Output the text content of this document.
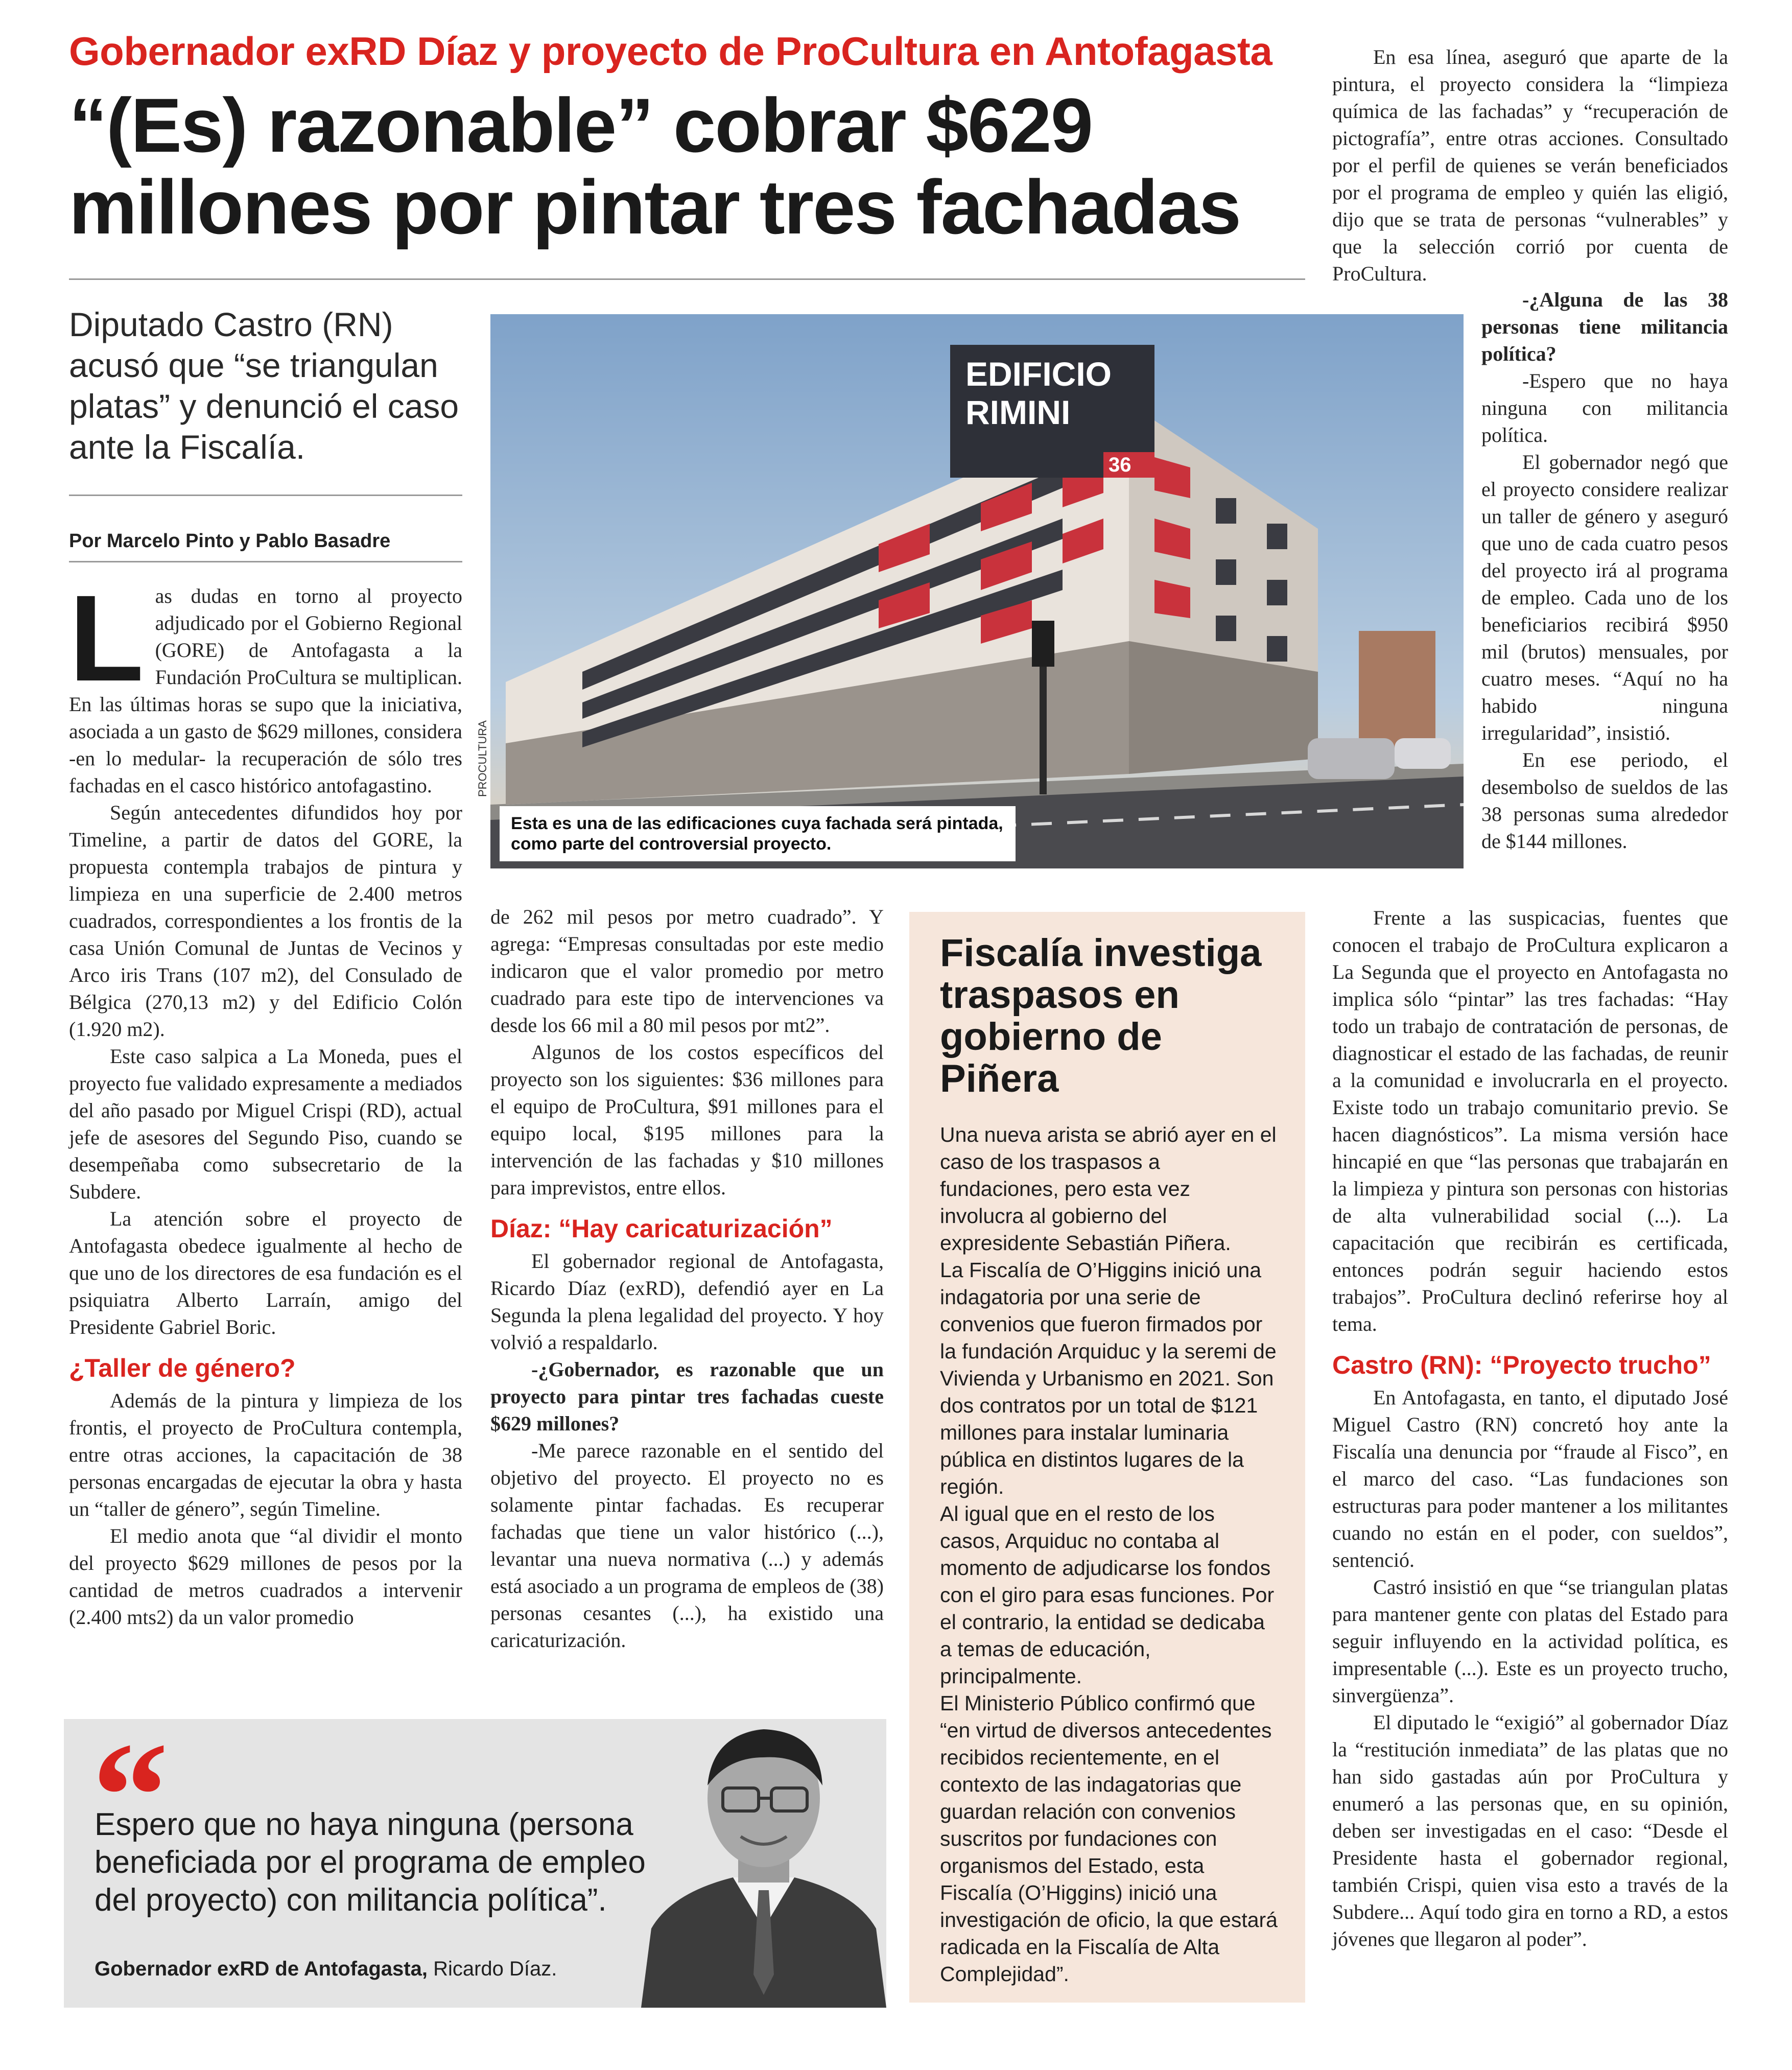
Gobernador exRD Díaz y proyecto de ProCultura en Antofagasta
“(Es) razonable” cobrar $629 millones por pintar tres fachadas
Diputado Castro (RN) acusó que “se triangulan platas” y denunció el caso ante la Fiscalía.
Por Marcelo Pinto y Pablo Basadre

Las dudas en torno al proyecto adjudicado por el Gobierno Regional (GORE) de Antofagasta a la Fundación ProCultura se multiplican. En las últimas horas se supo que la iniciativa, asociada a un gasto de $629 millones, considera -en lo medular- la recuperación de sólo tres fachadas en el casco histórico antofagastino.

Según antecedentes difundidos hoy por Timeline, a partir de datos del GORE, la propuesta contempla trabajos de pintura y limpieza en una superficie de 2.400 metros cuadrados, correspondientes a los frontis de la casa Unión Comunal de Juntas de Vecinos y Arco iris Trans (107 m2), del Consulado de Bélgica (270,13 m2) y del Edificio Colón (1.920 m2).

Este caso salpica a La Moneda, pues el proyecto fue validado expresamente a mediados del año pasado por Miguel Crispi (RD), actual jefe de asesores del Segundo Piso, cuando se desempeñaba como subsecretario de la Subdere.

La atención sobre el proyecto de Antofagasta obedece igualmente al hecho de que uno de los directores de esa fundación es el psiquiatra Alberto Larraín, amigo del Presidente Gabriel Boric.

¿Taller de género?

Además de la pintura y limpieza de los frontis, el proyecto de ProCultura contempla, entre otras acciones, la capacitación de 38 personas encargadas de ejecutar la obra y hasta un “taller de género”, según Timeline.

El medio anota que “al dividir el monto del proyecto $629 millones de pesos por la cantidad de metros cuadrados a intervenir (2.400 mts2) da un valor promedio

EDIFICIO
RIMINI
36
PROCULTURA
Esta es una de las edificaciones cuya fachada será pintada, como parte del controversial proyecto.

de 262 mil pesos por metro cuadrado”. Y agrega: “Empresas consultadas por este medio indicaron que el valor promedio por metro cuadrado para este tipo de intervenciones va desde los 66 mil a 80 mil pesos por mt2”.

Algunos de los costos específicos del proyecto son los siguientes: $36 millones para el equipo de ProCultura, $91 millones para el equipo local, $195 millones para la intervención de las fachadas y $10 millones para imprevistos, entre ellos.

Díaz: “Hay caricaturización”

El gobernador regional de Antofagasta, Ricardo Díaz (exRD), defendió ayer en La Segunda la plena legalidad del proyecto. Y hoy volvió a respaldarlo.

-¿Gobernador, es razonable que un proyecto para pintar tres fachadas cueste $629 millones?

-Me parece razonable en el sentido del objetivo del proyecto. El proyecto no es solamente pintar fachadas. Es recuperar fachadas que tiene un valor histórico (...), levantar una nueva normativa (...) y además está asociado a un programa de empleos de (38) personas cesantes (...), ha existido una caricaturización.

Fiscalía investiga traspasos en gobierno de Piñera

Una nueva arista se abrió ayer en el caso de los traspasos a fundaciones, pero esta vez involucra al gobierno del expresidente Sebastián Piñera.

La Fiscalía de O’Higgins inició una indagatoria por una serie de convenios que fueron firmados por la fundación Arquiduc y la seremi de Vivienda y Urbanismo en 2021. Son dos contratos por un total de $121 millones para instalar luminaria pública en distintos lugares de la región.

Al igual que en el resto de los casos, Arquiduc no contaba al momento de adjudicarse los fondos con el giro para esas funciones. Por el contrario, la entidad se dedicaba a temas de educación, principalmente.

El Ministerio Público confirmó que “en virtud de diversos antecedentes recibidos recientemente, en el contexto de las indagatorias que guardan relación con convenios suscritos por fundaciones con organismos del Estado, esta Fiscalía (O’Higgins) inició una investigación de oficio, la que estará radicada en la Fiscalía de Alta Complejidad”.

En esa línea, aseguró que aparte de la pintura, el proyecto considera la “limpieza química de las fachadas” y “recuperación de pictografía”, entre otras acciones. Consultado por el perfil de quienes se verán beneficiados por el programa de empleo y quién las eligió, dijo que se trata de personas “vulnerables” y que la selección corrió por cuenta de ProCultura.

-¿Alguna de las 38 personas tiene militancia política?

-Espero que no haya ninguna con militancia política.

El gobernador negó que el proyecto considere realizar un taller de género y aseguró que uno de cada cuatro pesos del proyecto irá al programa de empleo. Cada uno de los beneficiarios recibirá $950 mil (brutos) mensuales, por cuatro meses. “Aquí no ha habido ninguna irregularidad”, insistió.

En ese periodo, el desembolso de sueldos de las 38 personas suma alrededor de $144 millones.

Frente a las suspicacias, fuentes que conocen el trabajo de ProCultura explicaron a La Segunda que el proyecto en Antofagasta no implica sólo “pintar” las tres fachadas: “Hay todo un trabajo de contratación de personas, de diagnosticar el estado de las fachadas, de reunir a la comunidad e involucrarla en el proyecto. Existe todo un trabajo comunitario previo. Se hacen diagnósticos”. La misma versión hace hincapié en que “las personas que trabajarán en la limpieza y pintura son personas con historias de alta vulnerabilidad social (...). La capacitación que recibirán es certificada, entonces podrán seguir haciendo estos trabajos”. ProCultura declinó referirse hoy al tema.

Castro (RN): “Proyecto trucho”

En Antofagasta, en tanto, el diputado José Miguel Castro (RN) concretó hoy ante la Fiscalía una denuncia por “fraude al Fisco”, en el marco del caso. “Las fundaciones son estructuras para poder mantener a los militantes cuando no están en el poder, con sueldos”, sentenció.

Castró insistió en que “se triangulan platas para mantener gente con platas del Estado para seguir influyendo en la actividad política, es impresentable (...). Este es un proyecto trucho, sinvergüenza”.

El diputado le “exigió” al gobernador Díaz la “restitución inmediata” de las platas que no han sido gastadas aún por ProCultura y enumeró a las personas que, en su opinión, deben ser investigadas en el caso: “Desde el Presidente hasta el gobernador regional, también Crispi, quien visa esto a través de la Subdere... Aquí todo gira en torno a RD, a estos jóvenes que llegaron al poder”.

“
Espero que no haya ninguna (persona beneficiada por el programa de empleo del proyecto) con militancia política”.
Gobernador exRD de Antofagasta, Ricardo Díaz.
